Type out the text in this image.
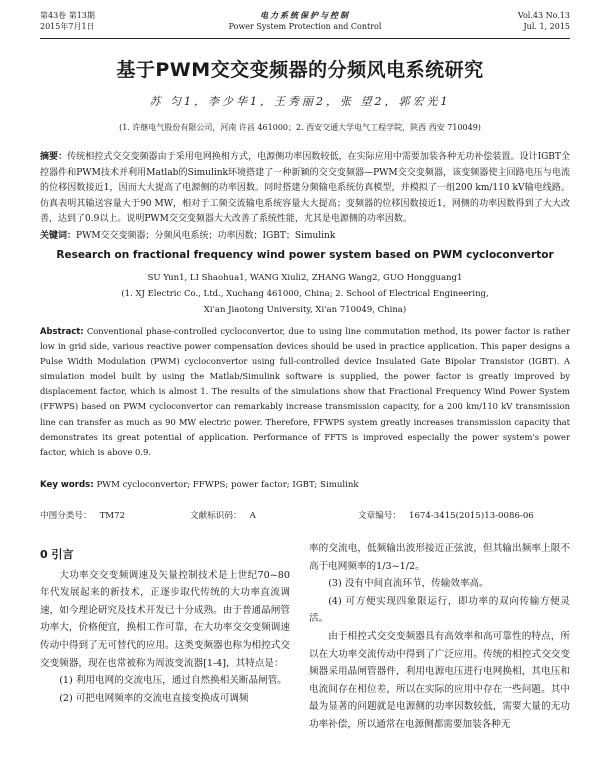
第43卷 第13期
2015年7月1日
电力系统保护与控制
Power System Protection and Control
Vol.43 No.13
Jul. 1, 2015
基于PWM交交变频器的分频风电系统研究
苏 匀1，李少华1，王秀丽2，张 望2，郭宏光1
(1. 许继电气股份有限公司，河南 许昌 461000；2. 西安交通大学电气工程学院，陕西 西安 710049)
摘要：传统相控式交交变频器由于采用电网换相方式，电源侧功率因数较低，在实际应用中需要加装各种无功补偿装置。设计IGBT全控器件和PWM技术并利用Matlab的Simulink环境搭建了一种新颖的交交变频器—PWM交交变频器，该变频器使主回路电压与电流的位移因数接近1，因而大大提高了电源侧的功率因数。同时搭建分频输电系统仿真模型，并模拟了一组200 km/110 kV输电线路。仿真表明其输送容量大于90 MW，相对于工频交流输电系统容量大大提高；变频器的位移因数接近1，网侧的功率因数得到了大大改善，达到了0.9以上。说明PWM交交变频器大大改善了系统性能，尤其是电源侧的功率因数。
关键词：PWM交交变频器；分频风电系统；功率因数；IGBT；Simulink
Research on fractional frequency wind power system based on PWM cycloconvertor
SU Yun1, LI Shaohua1, WANG Xiuli2, ZHANG Wang2, GUO Hongguang1
(1. XJ Electric Co., Ltd., Xuchang 461000, China; 2. School of Electrical Engineering,
Xi'an Jiaotong University, Xi'an 710049, China)
Abstract: Conventional phase-controlled cycloconvertor, due to using line commutation method, its power factor is rather low in grid side, various reactive power compensation devices should be used in practice application. This paper designs a Pulse Width Modulation (PWM) cycloconvertor using full-controlled device Insulated Gate Bipolar Transistor (IGBT). A simulation model built by using the Matlab/Simulink software is supplied, the power factor is greatly improved by displacement factor, which is almost 1. The results of the simulations show that Fractional Frequency Wind Power System (FFWPS) based on PWM cycloconvertor can remarkably increase transmission capacity, for a 200 km/110 kV transmission line can transfer as much as 90 MW electric power. Therefore, FFWPS system greatly increases transmission capacity that demonstrates its great potential of application. Performance of FFTS is improved especially the power system's power factor, which is above 0.9.
Key words: PWM cycloconvertor; FFWPS; power factor; IGBT; Simulink
中图分类号： TM72	文献标识码： A	文章编号： 1674-3415(2015)13-0086-06
0 引言

大功率交交变频调速及矢量控制技术是上世纪70~80年代发展起来的新技术，正逐步取代传统的大功率直流调速，如今理论研究及技术开发已十分成熟。由于普通晶闸管功率大，价格便宜，换相工作可靠，在大功率交交变频调速传动中得到了无可替代的应用。这类变频器也称为相控式交交变频器，现在也常被称为周波变流器[1-4]，其特点是：

(1) 利用电网的交流电压，通过自然换相关断晶闸管。

(2) 可把电网频率的交流电直接变换成可调频

率的交流电，低频输出波形接近正弦波，但其输出频率上限不高于电网频率的1/3~1/2。

(3) 没有中间直流环节，传输效率高。

(4) 可方便实现四象限运行，即功率的双向传输方便灵活。

由于相控式交交变频器具有高效率和高可靠性的特点，所以在大功率交流传动中得到了广泛应用。传统的相控式交交变频器采用晶闸管器件，利用电源电压进行电网换相，其电压和电流间存在相位差，所以在实际的应用中存在一些问题。其中最为显著的问题就是电源侧的功率因数较低，需要大量的无功功率补偿，所以通常在电源侧都需要加装各种无
